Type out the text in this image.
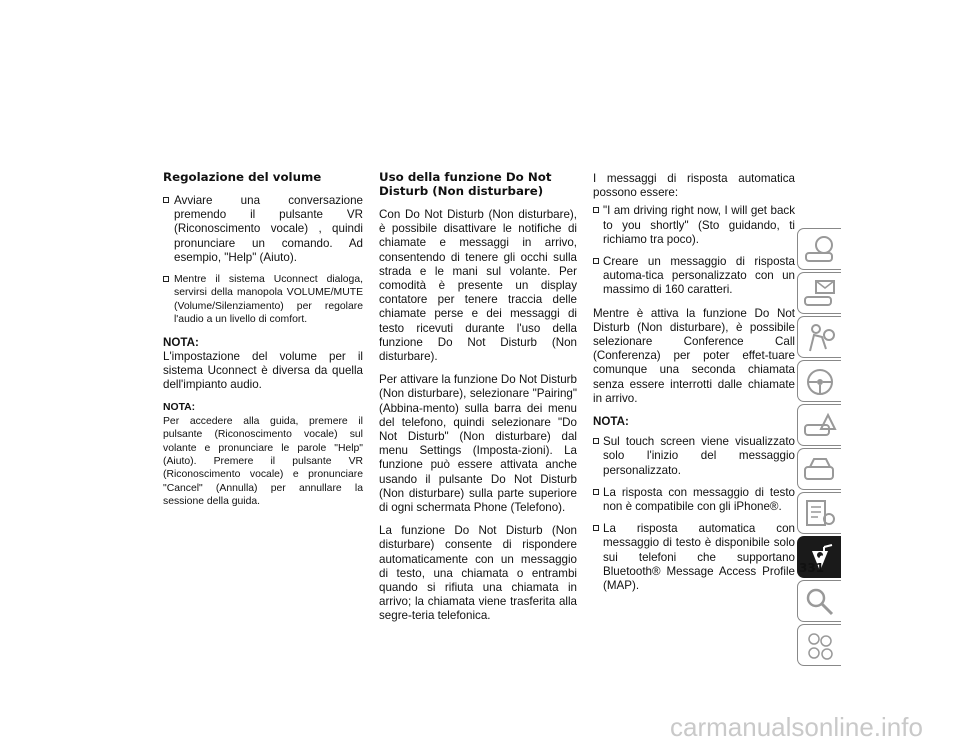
Regolazione del volume
Avviare una conversazione premendo il pulsante VR (Riconoscimento vocale) , quindi pronunciare un comando. Ad esempio, "Help" (Aiuto).
Mentre il sistema Uconnect dialoga, servirsi della manopola VOLUME/MUTE (Volume/Silenziamento) per regolare l'audio a un livello di comfort.

NOTA:

L'impostazione del volume per il sistema Uconnect è diversa da quella dell'impianto audio.

NOTA:

Per accedere alla guida, premere il pulsante (Riconoscimento vocale) sul volante e pronunciare le parole "Help" (Aiuto). Premere il pulsante VR (Riconoscimento vocale) e pronunciare "Cancel" (Annulla) per annullare la sessione della guida.

Uso della funzione Do Not Disturb (Non disturbare)

Con Do Not Disturb (Non disturbare), è possibile disattivare le notifiche di chiamate e messaggi in arrivo, consentendo di tenere gli occhi sulla strada e le mani sul volante. Per comodità è presente un display contatore per tenere traccia delle chiamate perse e dei messaggi di testo ricevuti durante l'uso della funzione Do Not Disturb (Non disturbare).

Per attivare la funzione Do Not Disturb (Non disturbare), selezionare "Pairing" (Abbina-mento) sulla barra dei menu del telefono, quindi selezionare "Do Not Disturb" (Non disturbare) dal menu Settings (Imposta-zioni). La funzione può essere attivata anche usando il pulsante Do Not Disturb (Non disturbare) sulla parte superiore di ogni schermata Phone (Telefono).

La funzione Do Not Disturb (Non disturbare) consente di rispondere automaticamente con un messaggio di testo, una chiamata o entrambi quando si rifiuta una chiamata in arrivo; la chiamata viene trasferita alla segre-teria telefonica.

I messaggi di risposta automatica possono essere:

"I am driving right now, I will get back to you shortly" (Sto guidando, ti richiamo tra poco).
Creare un messaggio di risposta automa-tica personalizzato con un massimo di 160 caratteri.

Mentre è attiva la funzione Do Not Disturb (Non disturbare), è possibile selezionare Conference Call (Conferenza) per poter effet-tuare comunque una seconda chiamata senza essere interrotti dalle chiamate in arrivo.

NOTA:

Sul touch screen viene visualizzato solo l'inizio del messaggio personalizzato.
La risposta con messaggio di testo non è compatibile con gli iPhone®.
La risposta automatica con messaggio di testo è disponibile solo sui telefoni che supportano Bluetooth® Message Access Profile (MAP).
331
carmanualsonline.info
